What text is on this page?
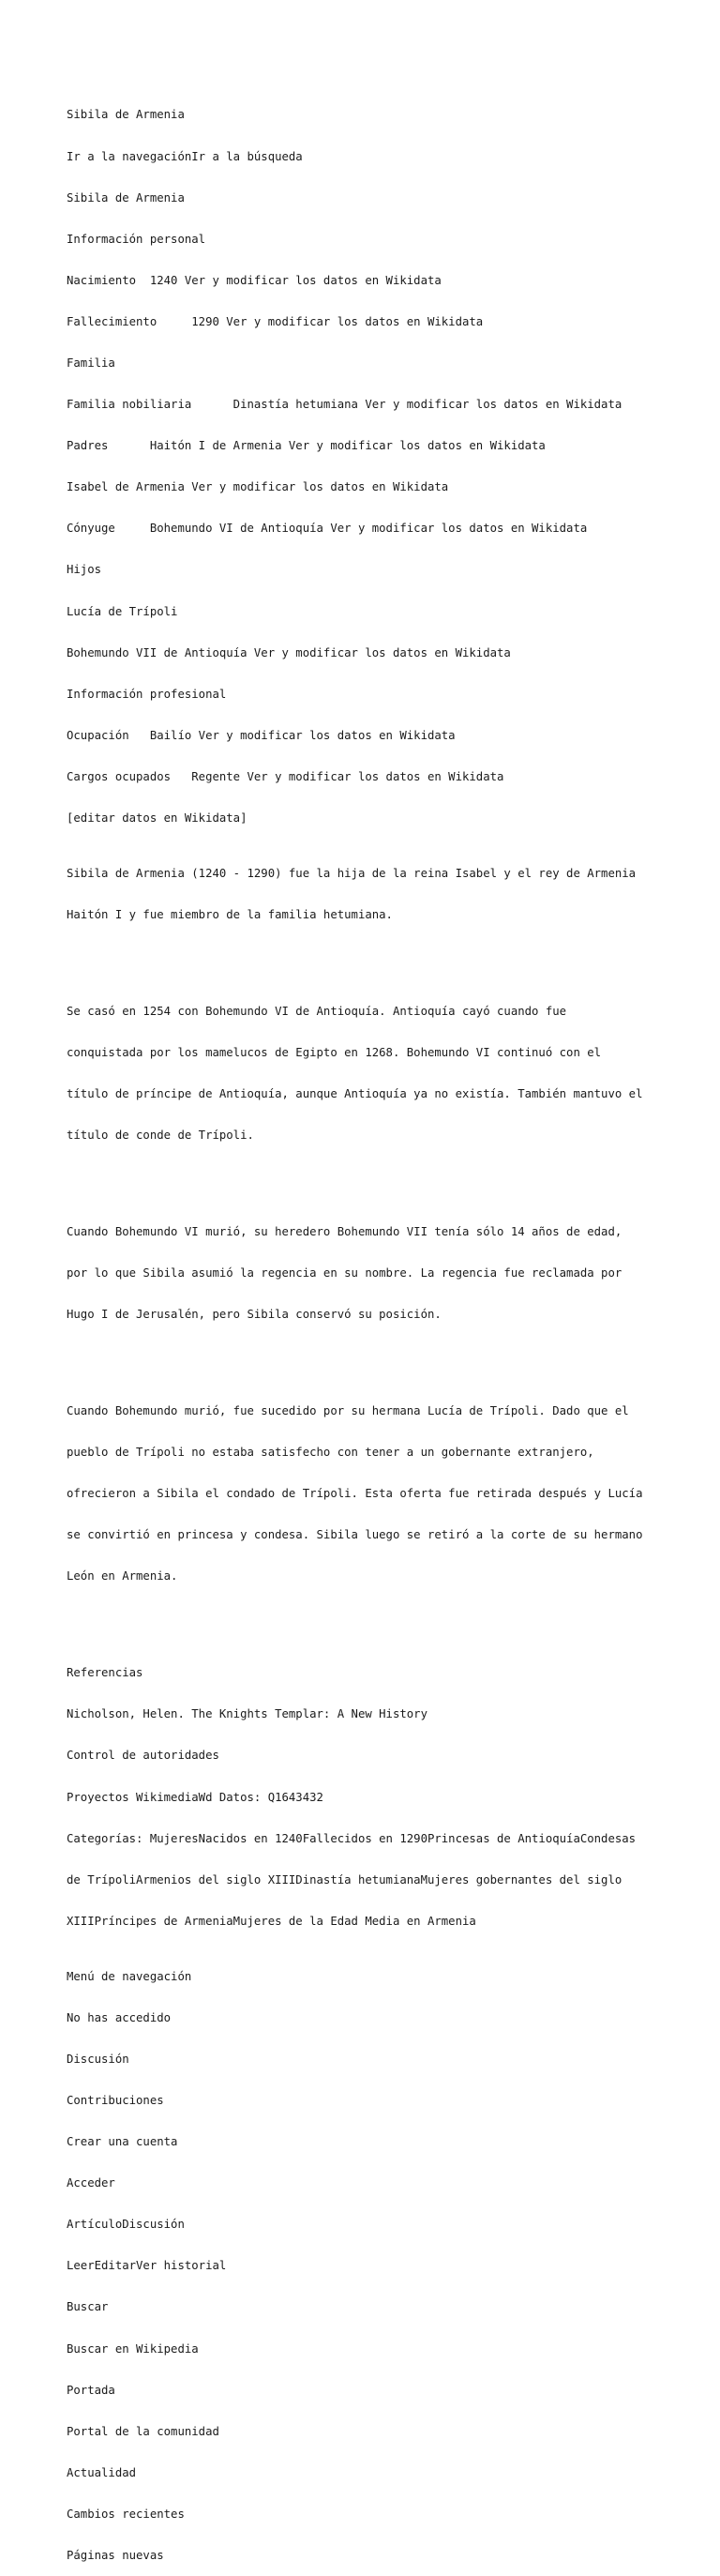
Sibila de Armenia

Ir a la navegaciónIr a la búsqueda

Sibila de Armenia

Información personal

Nacimiento  1240 Ver y modificar los datos en Wikidata

Fallecimiento     1290 Ver y modificar los datos en Wikidata

Familia

Familia nobiliaria      Dinastía hetumiana Ver y modificar los datos en Wikidata

Padres      Haitón I de Armenia Ver y modificar los datos en Wikidata

Isabel de Armenia Ver y modificar los datos en Wikidata

Cónyuge     Bohemundo VI de Antioquía Ver y modificar los datos en Wikidata

Hijos

Lucía de Trípoli

Bohemundo VII de Antioquía Ver y modificar los datos en Wikidata

Información profesional

Ocupación   Bailío Ver y modificar los datos en Wikidata

Cargos ocupados   Regente Ver y modificar los datos en Wikidata

[editar datos en Wikidata]

Sibila de Armenia (1240 - 1290) fue la hija de la reina Isabel y el rey de Armenia

Haitón I y fue miembro de la familia hetumiana.

Se casó en 1254 con Bohemundo VI de Antioquía. Antioquía cayó cuando fue

conquistada por los mamelucos de Egipto en 1268. Bohemundo VI continuó con el

título de príncipe de Antioquía, aunque Antioquía ya no existía. También mantuvo el

título de conde de Trípoli.

Cuando Bohemundo VI murió, su heredero Bohemundo VII tenía sólo 14 años de edad,

por lo que Sibila asumió la regencia en su nombre. La regencia fue reclamada por

Hugo I de Jerusalén, pero Sibila conservó su posición.

Cuando Bohemundo murió, fue sucedido por su hermana Lucía de Trípoli. Dado que el

pueblo de Trípoli no estaba satisfecho con tener a un gobernante extranjero,

ofrecieron a Sibila el condado de Trípoli. Esta oferta fue retirada después y Lucía

se convirtió en princesa y condesa. Sibila luego se retiró a la corte de su hermano

León en Armenia.

Referencias

Nicholson, Helen. The Knights Templar: A New History

Control de autoridades

Proyectos WikimediaWd Datos: Q1643432

Categorías: MujeresNacidos en 1240Fallecidos en 1290Princesas de AntioquíaCondesas

de TrípoliArmenios del siglo XIIIDinastía hetumianaMujeres gobernantes del siglo

XIIIPríncipes de ArmeniaMujeres de la Edad Media en Armenia

Menú de navegación

No has accedido

Discusión

Contribuciones

Crear una cuenta

Acceder

ArtículoDiscusión

LeerEditarVer historial

Buscar

Buscar en Wikipedia

Portada

Portal de la comunidad

Actualidad

Cambios recientes

Páginas nuevas
